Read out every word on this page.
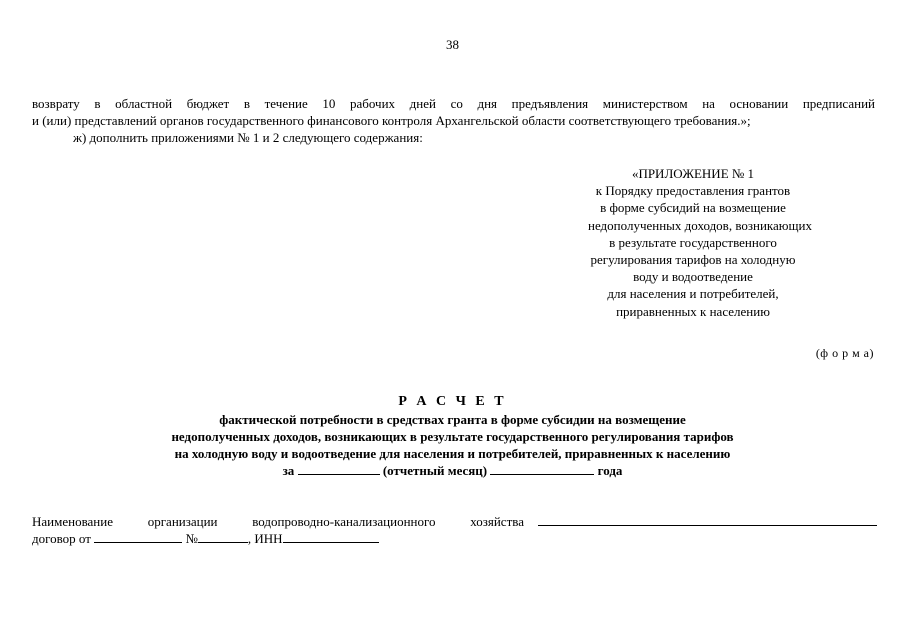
38

возврату в областной бюджет в течение 10 рабочих дней со дня предъявления министерством на основании предписаний

и (или) представлений органов государственного финансового контроля Архангельской области соответствующего требования.»;

ж) дополнить приложениями № 1 и 2 следующего содержания:

«ПРИЛОЖЕНИЕ № 1
к Порядку предоставления грантов
в форме субсидий на возмещение
недополученных доходов, возникающих
в результате государственного
регулирования тарифов на холодную
воду и водоотведение
для населения и потребителей,
приравненных к населению
(ф о р м а)
Р А С Ч Е Т
фактической потребности в средствах гранта в форме субсидии на возмещение
недополученных доходов, возникающих в результате государственного регулирования тарифов
на холодную воду и водоотведение для населения и потребителей, приравненных к населению
за	(отчетный месяц)	года
Наименование организации водопроводно-канализационного хозяйства
договор от	№	, ИНН
